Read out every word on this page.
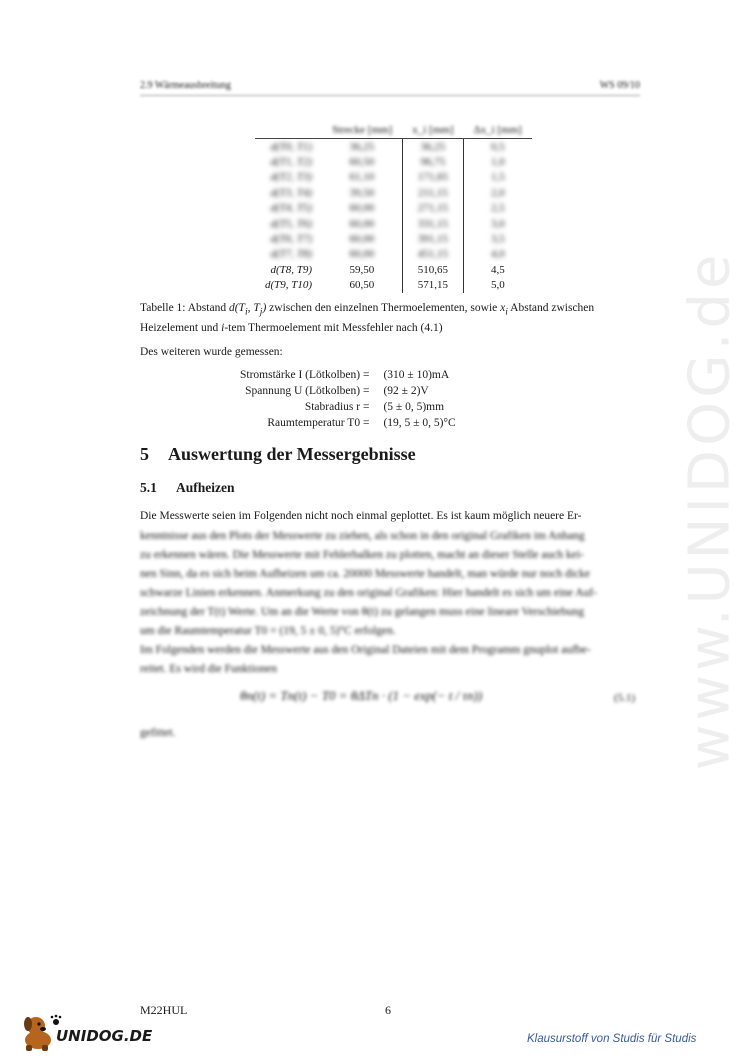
2.9 Wärmeausbreitung	WS 09/10
	Strecke [mm]	x_i [mm]	Δx_i [mm]
d(T0, T1)	36,25	36,25	0,5
d(T1, T2)	60,50	96,75	1,0
d(T2, T3)	61,10	171,65	1,5
d(T3, T4)	39,50	211,15	2,0
d(T4, T5)	60,00	271,15	2,5
d(T5, T6)	60,00	331,15	3,0
d(T6, T7)	60,00	391,15	3,5
d(T7, T8)	60,00	451,15	4,0
d(T8, T9)	59,50	510,65	4,5
d(T9, T10)	60,50	571,15	5,0
Tabelle 1: Abstand $d(T_i$, $T_j$) zwischen den einzelnen Thermoelementen, sowie $x_i$ Abstand zwischen Heizelement und i-tem Thermoelement mit Messfehler nach (4.1)
Des weiteren wurde gemessen:
Stromstärke I (Lötkolben) =	(310 ± 10)mA
Spannung U (Lötkolben) =	(92 ± 2)V
Stabradius r =	(5 ± 0, 5)mm
Raumtemperatur T0 =	(19, 5 ± 0, 5)°C
5 Auswertung der Messergebnisse
5.1 Aufheizen
Die Messwerte seien im Folgenden nicht noch einmal geplottet. Es ist kaum möglich neuere Er-
kenntnisse aus den Plots der Messwerte zu ziehen, als schon in den original Grafiken im Anhang
zu erkennen wären. Die Messwerte mit Fehlerbalken zu plotten, macht an dieser Stelle auch kei-
nen Sinn, da es sich beim Aufheizen um ca. 20000 Messwerte handelt, man würde nur noch dicke
schwarze Linien erkennen. Anmerkung zu den original Grafiken: Hier handelt es sich um eine Auf-
zeichnung der T(t) Werte. Um an die Werte von θ(t) zu gelangen muss eine lineare Verschiebung
um die Raumtemperatur T0 = (19, 5 ± 0, 5)°C erfolgen.
Im Folgenden werden die Messwerte aus den Original Dateien mit dem Programm gnuplot aufbe-
reitet. Es wird die Funktionen
θn(t) = Tn(t) − T0 = θΔTn · (1 − exp(− t / τn))	(5.1)
gefittet.	www.UNIDOG.de
M22HUL	6
UNIDOG.DE	Klausurstoff von Studis für Studis
